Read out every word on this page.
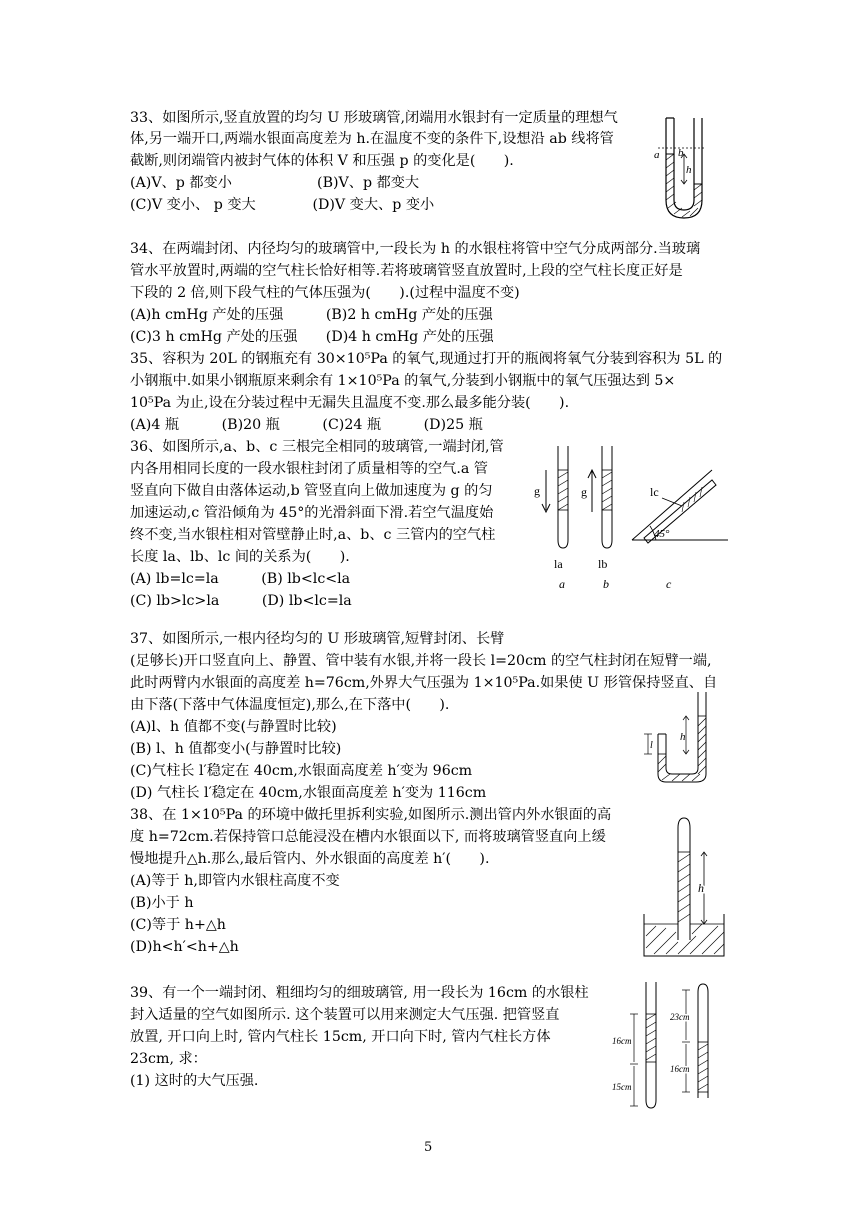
33、如图所示,竖直放置的均匀 U 形玻璃管,闭端用水银封有一定质量的理想气
体,另一端开口,两端水银面高度差为 h.在温度不变的条件下,设想沿 ab 线将管
截断,则闭端管内被封气体的体积 V 和压强 p 的变化是(　　).
(A)V、p 都变小　　　　　　(B)V、p 都变大
(C)V 变小、 p 变大　　　　(D)V 变大、p 变小
a b
h
34、在两端封闭、内径均匀的玻璃管中,一段长为 h 的水银柱将管中空气分成两部分.当玻璃
管水平放置时,两端的空气柱长恰好相等.若将玻璃管竖直放置时,上段的空气柱长度正好是
下段的 2 倍,则下段气柱的气体压强为(　　).(过程中温度不变)
(A)h cmHg 产处的压强　　　(B)2 h cmHg 产处的压强
(C)3 h cmHg 产处的压强　　(D)4 h cmHg 产处的压强
35、容积为 20L 的钢瓶充有 30×10⁵Pa 的氧气,现通过打开的瓶阀将氧气分装到容积为 5L 的
小钢瓶中.如果小钢瓶原来剩余有 1×10⁵Pa 的氧气,分装到小钢瓶中的氧气压强达到 5×
10⁵Pa 为止,设在分装过程中无漏失且温度不变.那么最多能分装(　　).
(A)4 瓶　　　(B)20 瓶　　　(C)24 瓶　　　(D)25 瓶
36、如图所示,a、b、c 三根完全相同的玻璃管,一端封闭,管
内各用相同长度的一段水银柱封闭了质量相等的空气.a 管
竖直向下做自由落体运动,b 管竖直向上做加速度为 g 的匀
加速运动,c 管沿倾角为 45°的光滑斜面下滑.若空气温度始
终不变,当水银柱相对管壁静止时,a、b、c 三管内的空气柱
长度 la、lb、lc 间的关系为(　　).
(A) lb=lc=la　　　(B) lb<lc<la
(C) lb>lc>la　　　(D) lb<lc=la
g
la
a
g
lb
b
45°
lc
c
37、如图所示,一根内径均匀的 U 形玻璃管,短臂封闭、长臂
(足够长)开口竖直向上、静置、管中装有水银,并将一段长 l=20cm 的空气柱封闭在短臂一端,
此时两臂内水银面的高度差 h=76cm,外界大气压强为 1×10⁵Pa.如果使 U 形管保持竖直、自
由下落(下落中气体温度恒定),那么,在下落中(　　).
(A)l、h 值都不变(与静置时比较)
(B) l、h 值都变小(与静置时比较)
(C)气柱长 l′稳定在 40cm,水银面高度差 h′变为 96cm
(D) 气柱长 l′稳定在 40cm,水银面高度差 h′变为 116cm
l
h
38、在 1×10⁵Pa 的环境中做托里拆利实验,如图所示.测出管内外水银面的高
度 h=72cm.若保持管口总能浸没在槽内水银面以下, 而将玻璃管竖直向上缓
慢地提升△h.那么,最后管内、外水银面的高度差 h′(　　).
(A)等于 h,即管内水银柱高度不变
(B)小于 h
(C)等于 h+△h
(D)h<h′<h+△h
h
39、有一个一端封闭、粗细均匀的细玻璃管, 用一段长为 16cm 的水银柱
封入适量的空气如图所示. 这个装置可以用来测定大气压强. 把管竖直
放置, 开口向上时, 管内气柱长 15cm, 开口向下时, 管内气柱长方体
23cm, 求：
(1) 这时的大气压强.
16cm
15cm
23cm
16cm
5
